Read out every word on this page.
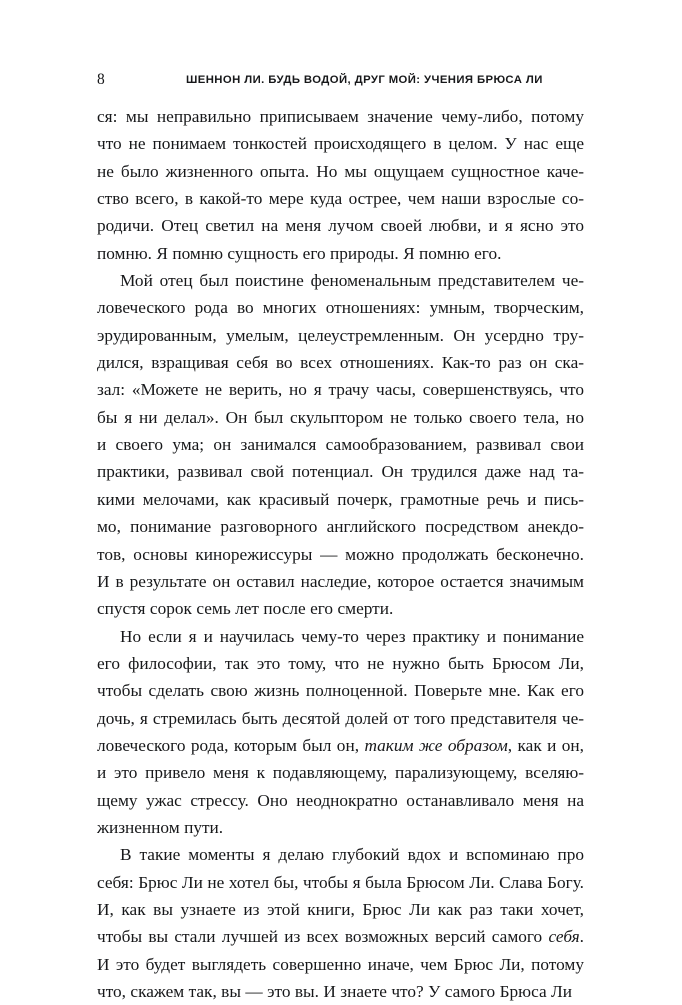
8	ШЕННОН ЛИ. БУДЬ ВОДОЙ, ДРУГ МОЙ: УЧЕНИЯ БРЮСА ЛИ

ся: мы неправильно приписываем значение чему-либо, потому
что не понимаем тонкостей происходящего в целом. У нас еще
не было жизненного опыта. Но мы ощущаем сущностное каче-
ство всего, в какой-то мере куда острее, чем наши взрослые со-
родичи. Отец светил на меня лучом своей любви, и я ясно это
помню. Я помню сущность его природы. Я помню его.

Мой отец был поистине феноменальным представителем че-
ловеческого рода во многих отношениях: умным, творческим,
эрудированным, умелым, целеустремленным. Он усердно тру-
дился, взращивая себя во всех отношениях. Как-то раз он ска-
зал: «Можете не верить, но я трачу часы, совершенствуясь, что
бы я ни делал». Он был скульптором не только своего тела, но
и своего ума; он занимался самообразованием, развивал свои
практики, развивал свой потенциал. Он трудился даже над та-
кими мелочами, как красивый почерк, грамотные речь и пись-
мо, понимание разговорного английского посредством анекдо-
тов, основы кинорежиссуры — можно продолжать бесконечно.
И в результате он оставил наследие, которое остается значимым
спустя сорок семь лет после его смерти.

Но если я и научилась чему-то через практику и понимание
его философии, так это тому, что не нужно быть Брюсом Ли,
чтобы сделать свою жизнь полноценной. Поверьте мне. Как его
дочь, я стремилась быть десятой долей от того представителя че-
ловеческого рода, которым был он, таким же образом, как и он,
и это привело меня к подавляющему, парализующему, вселяю-
щему ужас стрессу. Оно неоднократно останавливало меня на
жизненном пути.

В такие моменты я делаю глубокий вдох и вспоминаю про
себя: Брюс Ли не хотел бы, чтобы я была Брюсом Ли. Слава Богу.
И, как вы узнаете из этой книги, Брюс Ли как раз таки хочет,
чтобы вы стали лучшей из всех возможных версий самого себя.
И это будет выглядеть совершенно иначе, чем Брюс Ли, потому
что, скажем так, вы — это вы. И знаете что? У самого Брюса Ли
